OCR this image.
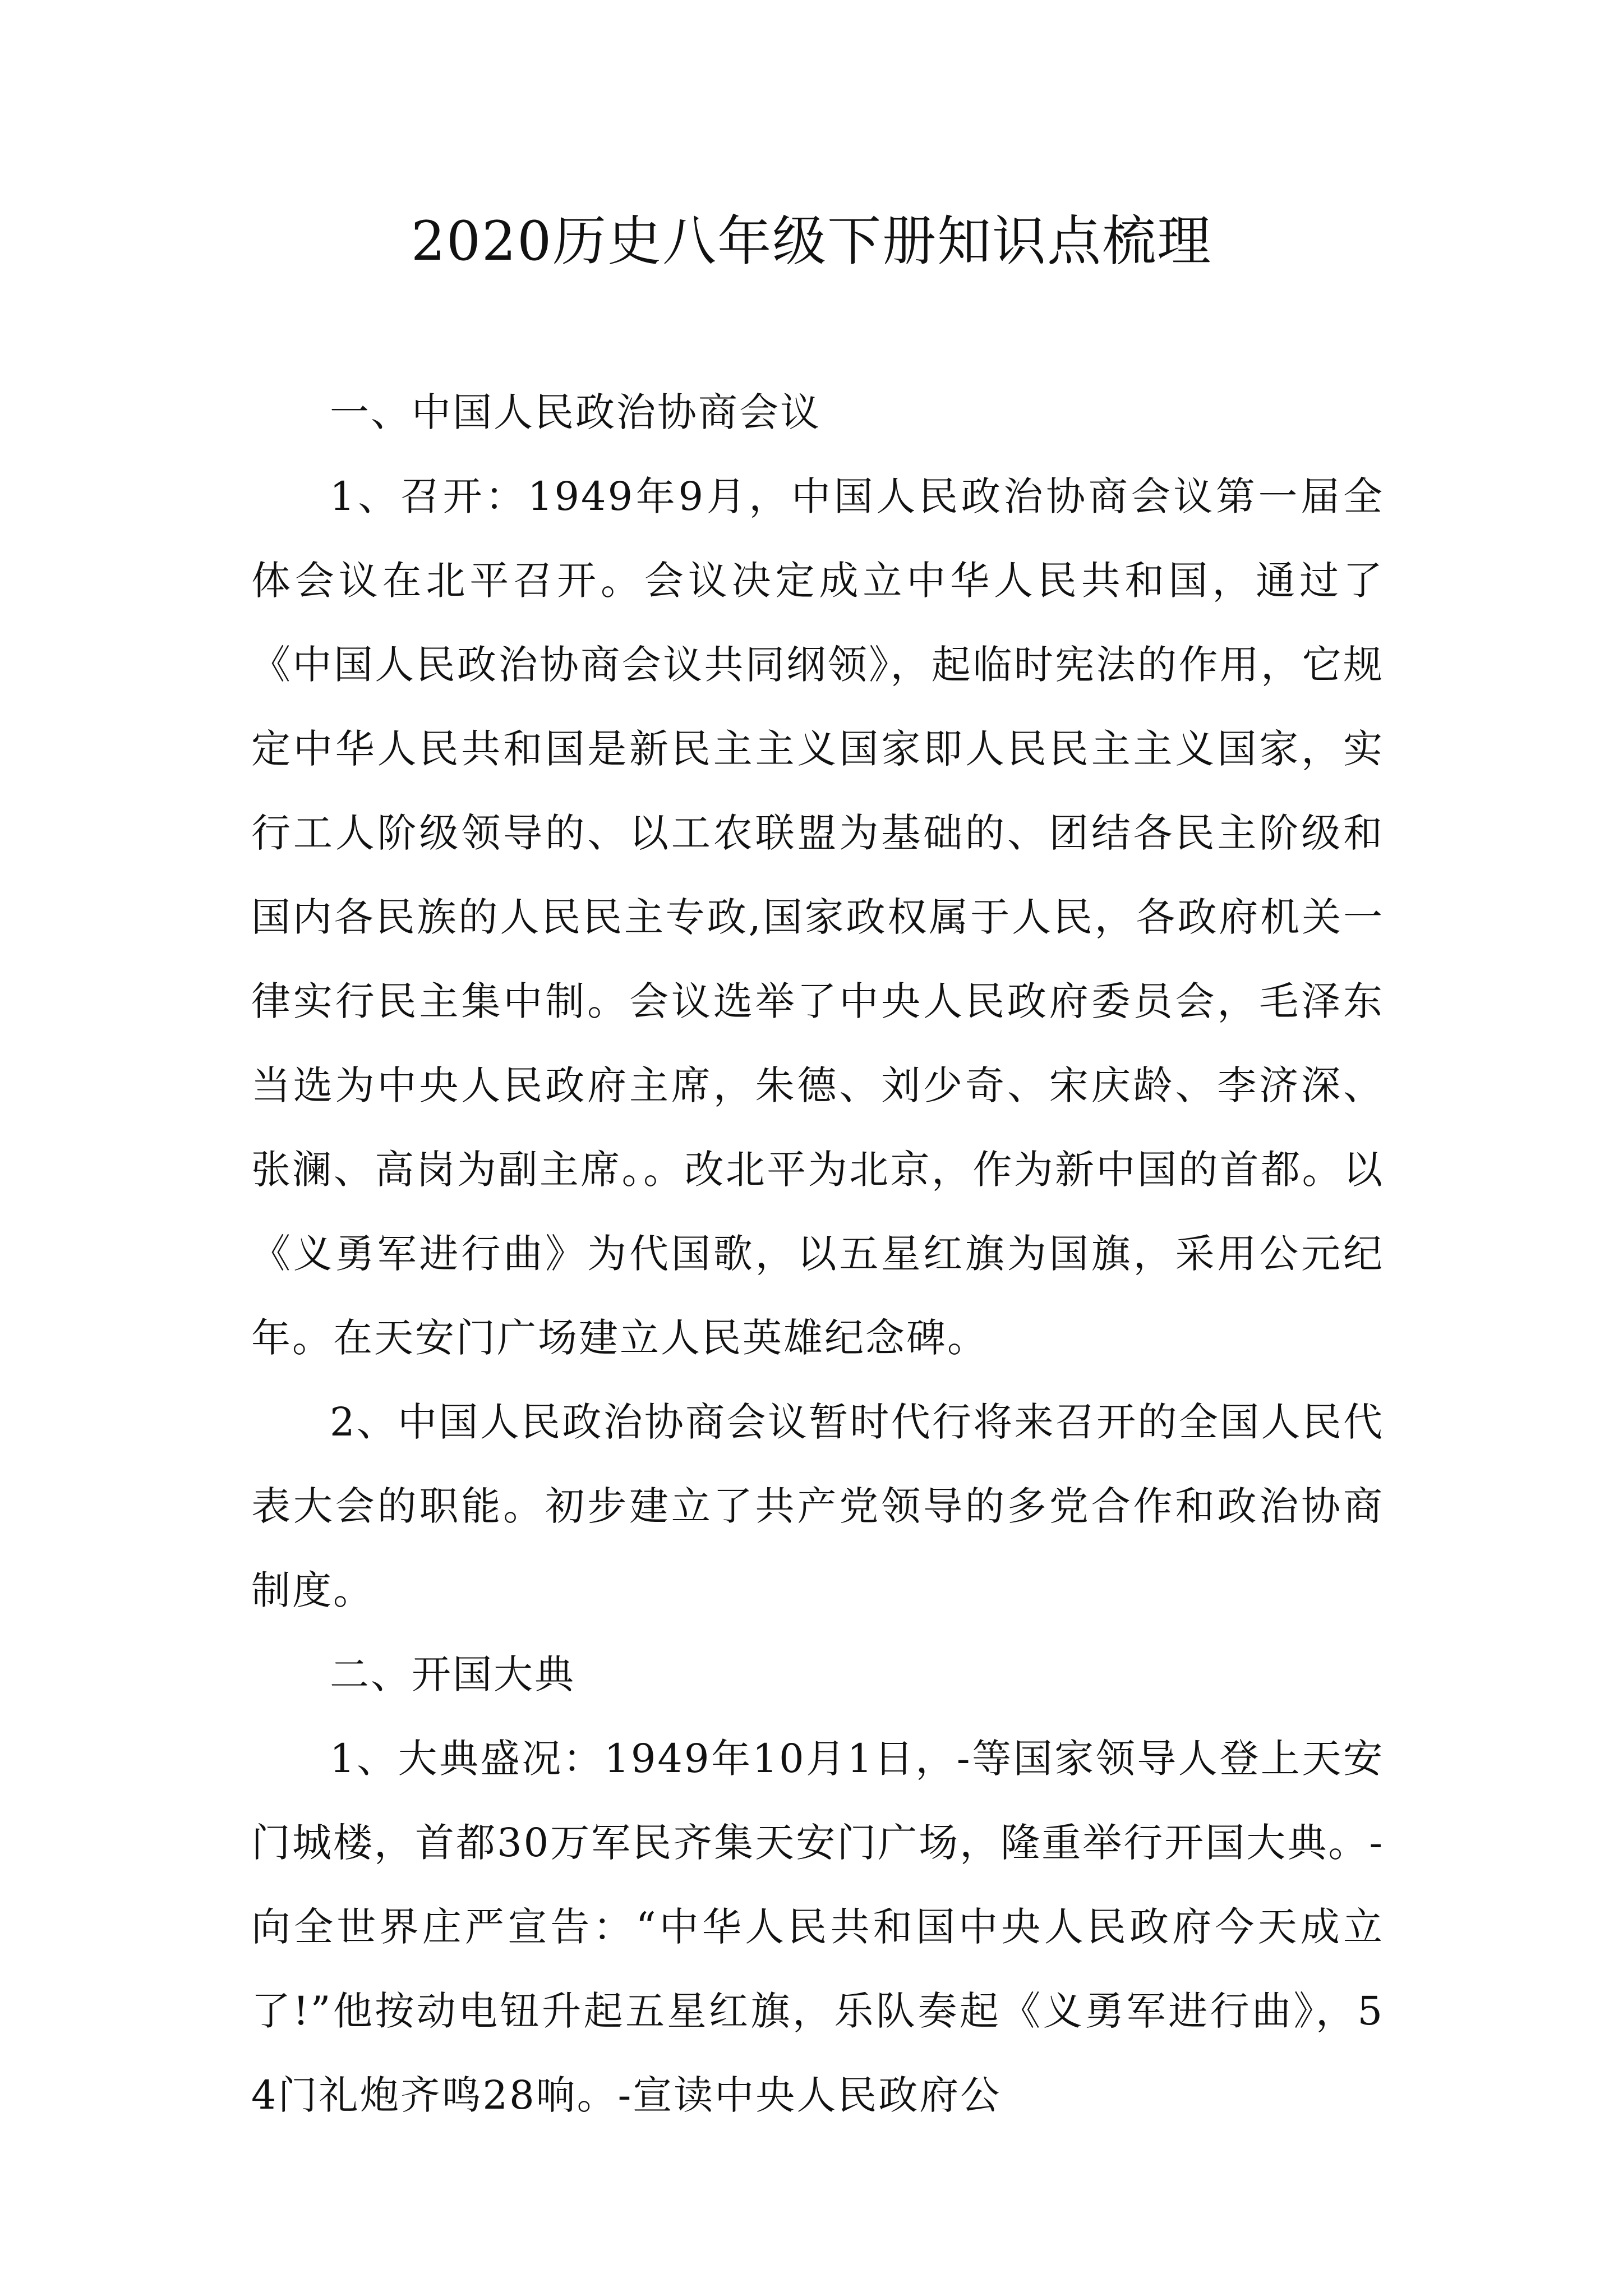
2020历史八年级下册知识点梳理

一、中国人民政治协商会议

1、召开：1949年9月，中国人民政治协商会议第一届全体会议在北平召开。会议决定成立中华人民共和国，通过了《中国人民政治协商会议共同纲领》，起临时宪法的作用，它规定中华人民共和国是新民主主义国家即人民民主主义国家，实行工人阶级领导的、以工农联盟为基础的、团结各民主阶级和国内各民族的人民民主专政,国家政权属于人民，各政府机关一律实行民主集中制。会议选举了中央人民政府委员会，毛泽东当选为中央人民政府主席，朱德、刘少奇、宋庆龄、李济深、张澜、高岗为副主席。。改北平为北京，作为新中国的首都。以《义勇军进行曲》为代国歌，以五星红旗为国旗，采用公元纪年。在天安门广场建立人民英雄纪念碑。

2、中国人民政治协商会议暂时代行将来召开的全国人民代表大会的职能。初步建立了共产党领导的多党合作和政治协商制度。

二、开国大典

1、大典盛况：1949年10月1日，-等国家领导人登上天安门城楼，首都30万军民齐集天安门广场，隆重举行开国大典。-向全世界庄严宣告：“中华人民共和国中央人民政府今天成立了!”他按动电钮升起五星红旗，乐队奏起《义勇军进行曲》，54门礼炮齐鸣28响。-宣读中央人民政府公
